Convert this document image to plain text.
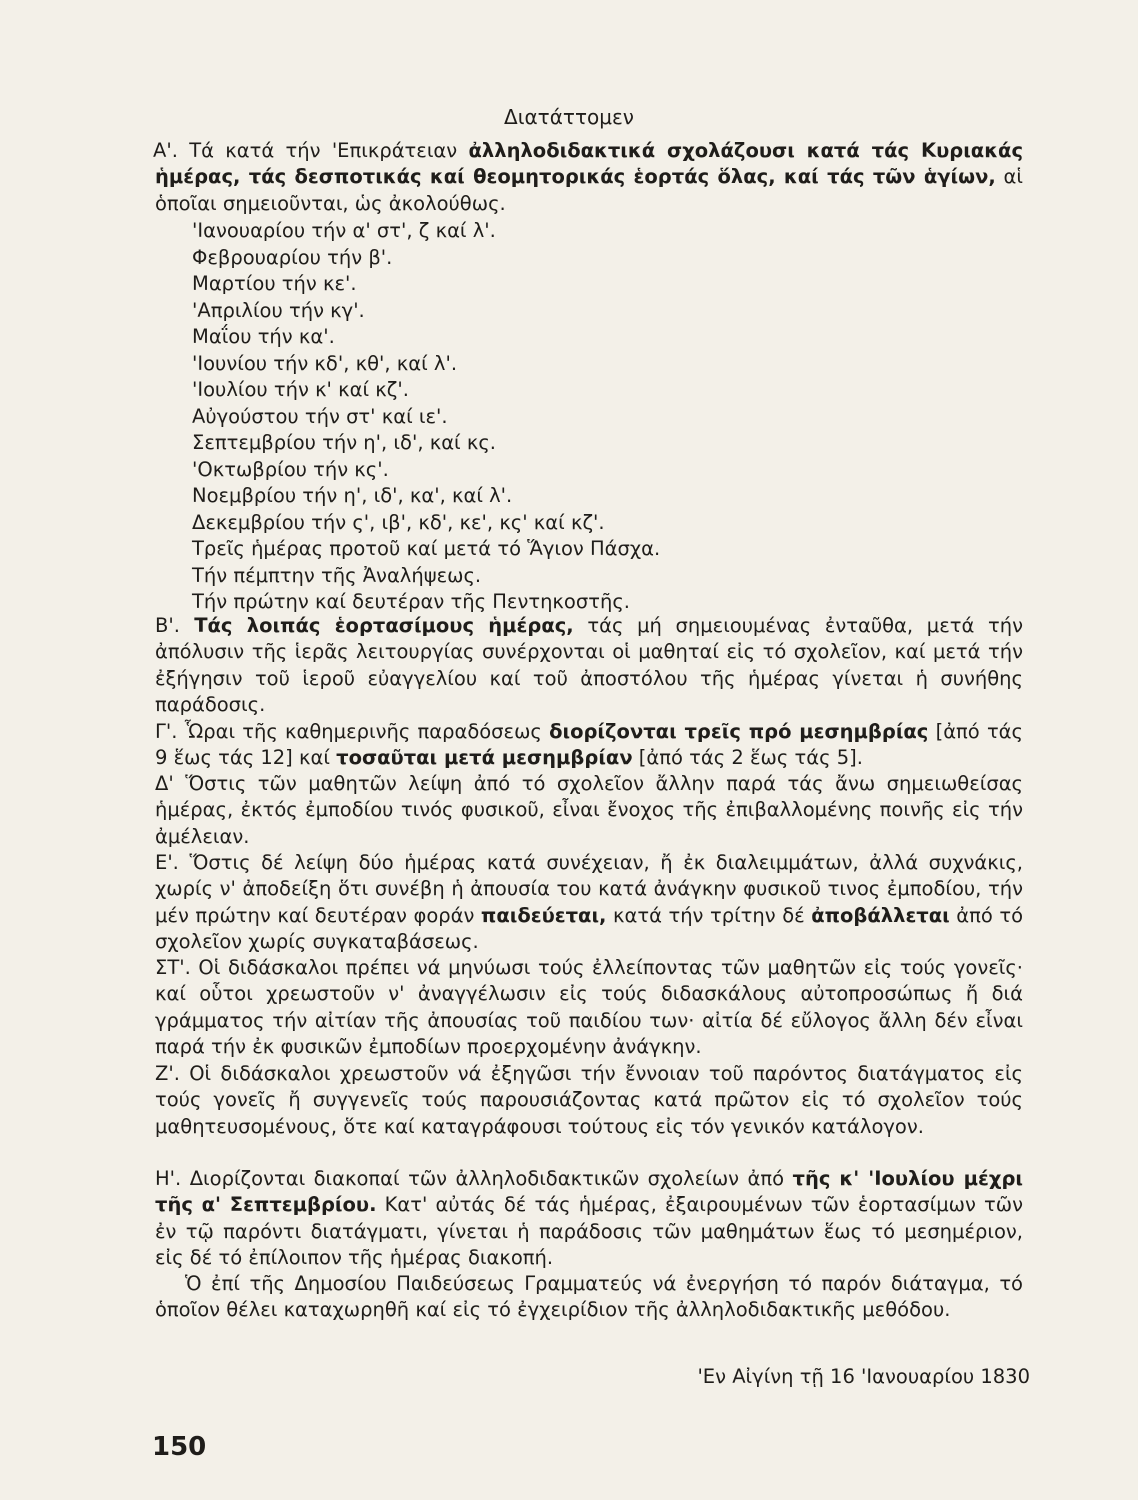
Διατάττομεν
Α'. Τά κατά τήν 'Επικράτειαν ἀλληλοδιδακτικά σχολάζουσι κατά τάς Κυριακάς ἡμέρας, τάς δεσποτικάς καί θεομητορικάς ἑορτάς ὅλας, καί τάς τῶν ἁγίων, αἱ ὁποῖαι σημειοῦνται, ὡς ἀκολούθως.
'Ιανουαρίου τήν α' στ', ζ καί λ'.
Φεβρουαρίου τήν β'.
Μαρτίου τήν κε'.
'Απριλίου τήν κγ'.
Μαΐου τήν κα'.
'Ιουνίου τήν κδ', κθ', καί λ'.
'Ιουλίου τήν κ' καί κζ'.
Αὐγούστου τήν στ' καί ιε'.
Σεπτεμβρίου τήν η', ιδ', καί κς.
'Οκτωβρίου τήν κς'.
Νοεμβρίου τήν η', ιδ', κα', καί λ'.
Δεκεμβρίου τήν ς', ιβ', κδ', κε', κς' καί κζ'.
Τρεῖς ἡμέρας προτοῦ καί μετά τό Ἅγιον Πάσχα.
Τήν πέμπτην τῆς Ἀναλήψεως.
Τήν πρώτην καί δευτέραν τῆς Πεντηκοστῆς.
Β'. Τάς λοιπάς ἑορτασίμους ἡμέρας, τάς μή σημειουμένας ἐνταῦθα, μετά τήν ἀπόλυσιν τῆς ἱερᾶς λειτουργίας συνέρχονται οἱ μαθηταί εἰς τό σχολεῖον, καί μετά τήν ἐξήγησιν τοῦ ἱεροῦ εὐαγγελίου καί τοῦ ἀποστόλου τῆς ἡμέρας γίνεται ἡ συνήθης παράδοσις.
Γ'. Ὧραι τῆς καθημερινῆς παραδόσεως διορίζονται τρεῖς πρό μεσημβρίας [ἀπό τάς 9 ἕως τάς 12] καί τοσαῦται μετά μεσημβρίαν [ἀπό τάς 2 ἕως τάς 5].
Δ' Ὅστις τῶν μαθητῶν λείψη ἀπό τό σχολεῖον ἄλλην παρά τάς ἄνω σημειωθείσας ἡμέρας, ἐκτός ἐμποδίου τινός φυσικοῦ, εἶναι ἔνοχος τῆς ἐπιβαλλομένης ποινῆς εἰς τήν ἀμέλειαν.
Ε'. Ὅστις δέ λείψη δύο ἡμέρας κατά συνέχειαν, ἤ ἐκ διαλειμμάτων, ἀλλά συχνάκις, χωρίς ν' ἀποδείξη ὅτι συνέβη ἡ ἀπουσία του κατά ἀνάγκην φυσικοῦ τινος ἐμποδίου, τήν μέν πρώτην καί δευτέραν φοράν παιδεύεται, κατά τήν τρίτην δέ ἀποβάλλεται ἀπό τό σχολεῖον χωρίς συγκαταβάσεως.
ΣΤ'. Οἱ διδάσκαλοι πρέπει νά μηνύωσι τούς ἐλλείποντας τῶν μαθητῶν εἰς τούς γονεῖς· καί οὗτοι χρεωστοῦν ν' ἀναγγέλωσιν εἰς τούς διδασκάλους αὐτοπροσώπως ἤ διά γράμματος τήν αἰτίαν τῆς ἀπουσίας τοῦ παιδίου των· αἰτία δέ εὔλογος ἄλλη δέν εἶναι παρά τήν ἐκ φυσικῶν ἐμποδίων προερχομένην ἀνάγκην.
Ζ'. Οἱ διδάσκαλοι χρεωστοῦν νά ἐξηγῶσι τήν ἔννοιαν τοῦ παρόντος διατάγματος εἰς τούς γονεῖς ἤ συγγενεῖς τούς παρουσιάζοντας κατά πρῶτον εἰς τό σχολεῖον τούς μαθητευσομένους, ὅτε καί καταγράφουσι τούτους εἰς τόν γενικόν κατάλογον.
Η'. Διορίζονται διακοπαί τῶν ἀλληλοδιδακτικῶν σχολείων ἀπό τῆς κ' 'Ιουλίου μέχρι τῆς α' Σεπτεμβρίου. Κατ' αὐτάς δέ τάς ἡμέρας, ἐξαιρουμένων τῶν ἑορτασίμων τῶν ἐν τῷ παρόντι διατάγματι, γίνεται ἡ παράδοσις τῶν μαθημάτων ἕως τό μεσημέριον, εἰς δέ τό ἐπίλοιπον τῆς ἡμέρας διακοπή.
Ὁ ἐπί τῆς Δημοσίου Παιδεύσεως Γραμματεύς νά ἐνεργήση τό παρόν διάταγμα, τό ὁποῖον θέλει καταχωρηθῆ καί εἰς τό ἐγχειρίδιον τῆς ἀλληλοδιδακτικῆς μεθόδου.
'Εν Αἰγίνη τῇ 16 'Ιανουαρίου 1830
150
